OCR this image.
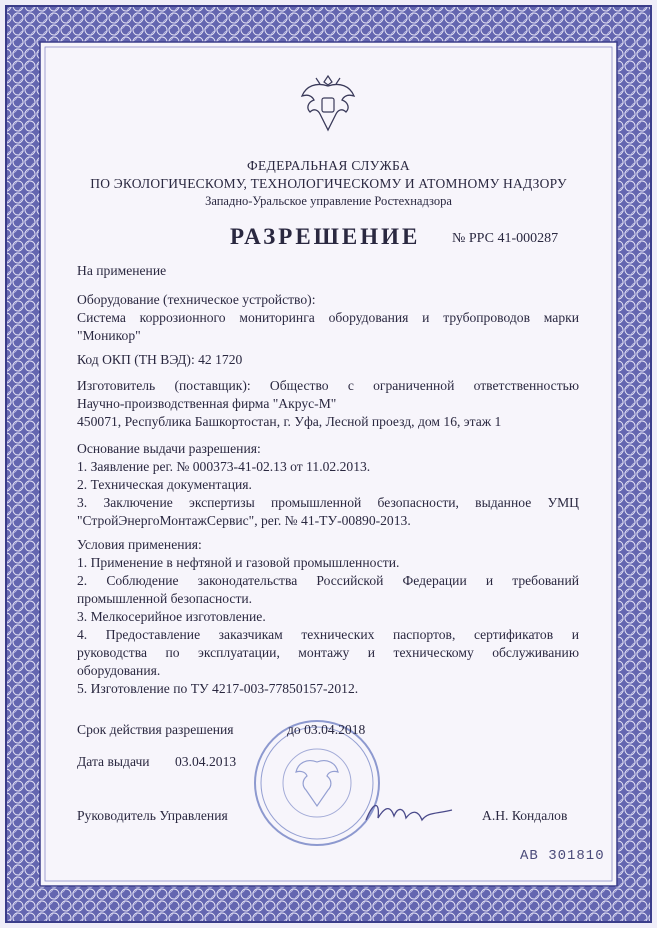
ФЕДЕРАЛЬНАЯ СЛУЖБА
ПО ЭКОЛОГИЧЕСКОМУ, ТЕХНОЛОГИЧЕСКОМУ И АТОМНОМУ НАДЗОРУ
Западно-Уральское управление Ростехнадзора
РАЗРЕШЕНИЕ № РРС 41-000287
На применение
Оборудование (техническое устройство):
Система коррозионного мониторинга оборудования и трубопроводов марки
"Моникор"
Код ОКП (ТН ВЭД): 42 1720
Изготовитель (поставщик): Общество с ограниченной ответственностью
Научно-производственная фирма "Акрус-М"
450071, Республика Башкортостан, г. Уфа, Лесной проезд, дом 16, этаж 1
Основание выдачи разрешения:
1. Заявление рег. № 000373-41-02.13 от 11.02.2013.
2. Техническая документация.
3. Заключение экспертизы промышленной безопасности, выданное УМЦ
"СтройЭнергоМонтажСервис", рег. № 41-ТУ-00890-2013.
Условия применения:
1. Применение в нефтяной и газовой промышленности.
2. Соблюдение законодательства Российской Федерации и требований
промышленной безопасности.
3. Мелкосерийное изготовление.
4. Предоставление заказчикам технических паспортов, сертификатов и
руководства по эксплуатации, монтажу и техническому обслуживанию
оборудования.
5. Изготовление по ТУ 4217-003-77850157-2012.
Срок действия разрешения	до 03.04.2018
Дата выдачи 03.04.2013
Руководитель Управления	А.Н. Кондалов
АВ 301810
